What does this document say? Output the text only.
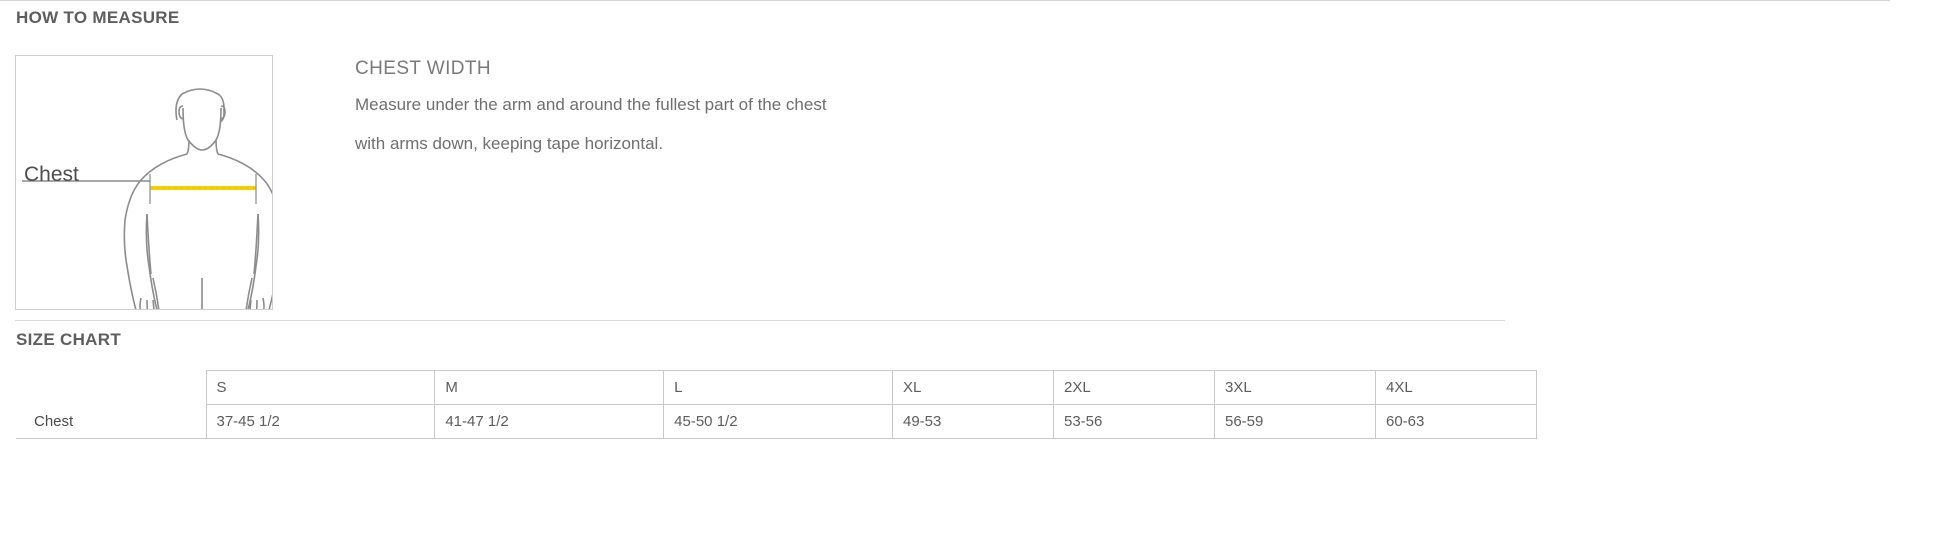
HOW TO MEASURE
Chest

CHEST WIDTH

Measure under the arm and around the fullest part of the chest

with arms down, keeping tape horizontal.

SIZE CHART
	S	M	L	XL	2XL	3XL	4XL
Chest	37-45 1/2	41-47 1/2	45-50 1/2	49-53	53-56	56-59	60-63
